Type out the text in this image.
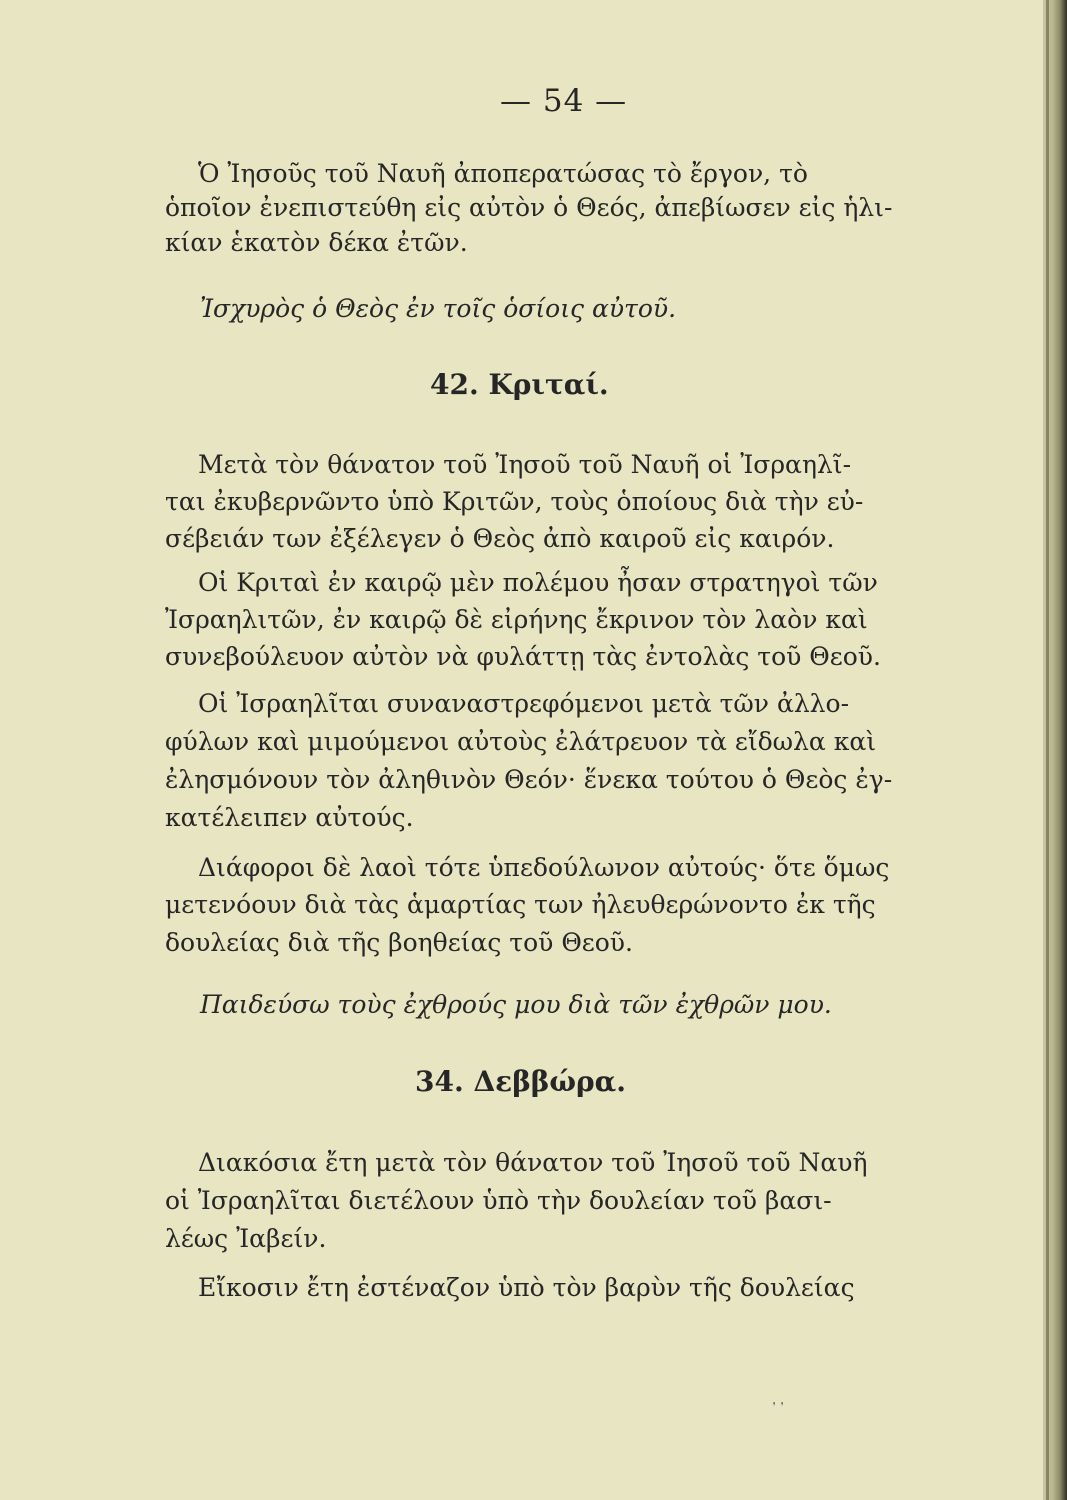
— 54 —
Ὁ Ἰησοῦς τοῦ Ναυῆ ἀποπερατώσας τὸ ἔργον, τὸ
ὁποῖον ἐνεπιστεύθη εἰς αὐτὸν ὁ Θεός, ἀπεβίωσεν εἰς ἡλι-
κίαν ἑκατὸν δέκα ἐτῶν.
Ἰσχυρὸς ὁ Θεὸς ἐν τοῖς ὁσίοις αὐτοῦ.
42. Κριταί.
Μετὰ τὸν θάνατον τοῦ Ἰησοῦ τοῦ Ναυῆ οἱ Ἰσραηλῖ-
ται ἐκυβερνῶντο ὑπὸ Κριτῶν, τοὺς ὁποίους διὰ τὴν εὐ-
σέβειάν των ἐξέλεγεν ὁ Θεὸς ἀπὸ καιροῦ εἰς καιρόν.
Οἱ Κριταὶ ἐν καιρῷ μὲν πολέμου ἦσαν στρατηγοὶ τῶν
Ἰσραηλιτῶν, ἐν καιρῷ δὲ εἰρήνης ἔκρινον τὸν λαὸν καὶ
συνεβούλευον αὐτὸν νὰ φυλάττῃ τὰς ἐντολὰς τοῦ Θεοῦ.
Οἱ Ἰσραηλῖται συναναστρεφόμενοι μετὰ τῶν ἀλλο-
φύλων καὶ μιμούμενοι αὐτοὺς ἐλάτρευον τὰ εἴδωλα καὶ
ἐλησμόνουν τὸν ἀληθινὸν Θεόν· ἕνεκα τούτου ὁ Θεὸς ἐγ-
κατέλειπεν αὐτούς.
Διάφοροι δὲ λαοὶ τότε ὑπεδούλωνον αὐτούς· ὅτε ὅμως
μετενόουν διὰ τὰς ἁμαρτίας των ἠλευθερώνοντο ἐκ τῆς
δουλείας διὰ τῆς βοηθείας τοῦ Θεοῦ.
Παιδεύσω τοὺς ἐχθρούς μου διὰ τῶν ἐχθρῶν μου.
34. Δεββώρα.
Διακόσια ἔτη μετὰ τὸν θάνατον τοῦ Ἰησοῦ τοῦ Ναυῆ
οἱ Ἰσραηλῖται διετέλουν ὑπὸ τὴν δουλείαν τοῦ βασι-
λέως Ἰαβείν.
Εἴκοσιν ἔτη ἐστέναζον ὑπὸ τὸν βαρὺν τῆς δουλείας
᾽᾽
